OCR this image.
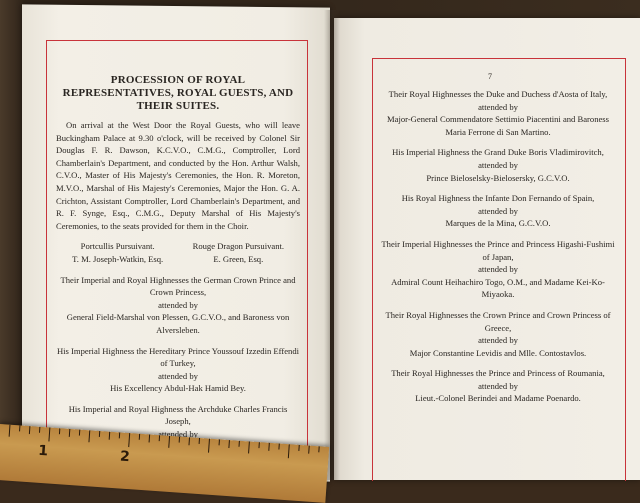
PROCESSION OF ROYAL REPRESENTATIVES, ROYAL GUESTS, AND THEIR SUITES.

On arrival at the West Door the Royal Guests, who will leave Buckingham Palace at 9.30 o'clock, will be received by Colonel Sir Douglas F. R. Dawson, K.C.V.O., C.M.G., Comptroller, Lord Chamberlain's Department, and conducted by the Hon. Arthur Walsh, C.V.O., Master of His Majesty's Ceremonies, the Hon. R. Moreton, M.V.O., Marshal of His Majesty's Ceremonies, Major the Hon. G. A. Crichton, Assistant Comptroller, Lord Chamberlain's Department, and R. F. Synge, Esq., C.M.G., Deputy Marshal of His Majesty's Ceremonies, to the seats provided for them in the Choir.

Portcullis Pursuivant.
T. M. Joseph-Watkin, Esq.
Rouge Dragon Pursuivant.
E. Green, Esq.

Their Imperial and Royal Highnesses the German Crown Prince and Crown Princess,

attended by

General Field-Marshal von Plessen, G.C.V.O., and Baroness von Alversleben.

His Imperial Highness the Hereditary Prince Youssouf Izzedin Effendi of Turkey,

attended by

His Excellency Abdul-Hak Hamid Bey.

His Imperial and Royal Highness the Archduke Charles Francis Joseph,

attended by

7

Their Royal Highnesses the Duke and Duchess d'Aosta of Italy,

attended by

Major-General Commendatore Settimio Piacentini and Baroness Maria Ferrone di San Martino.

His Imperial Highness the Grand Duke Boris Vladimirovitch,

attended by

Prince Bieloselsky-Bielosersky, G.C.V.O.

His Royal Highness the Infante Don Fernando of Spain,

attended by

Marques de la Mina, G.C.V.O.

Their Imperial Highnesses the Prince and Princess Higashi-Fushimi of Japan,

attended by

Admiral Count Heihachiro Togo, O.M., and Madame Kei-Ko-Miyaoka.

Their Royal Highnesses the Crown Prince and Crown Princess of Greece,

attended by

Major Constantine Levidis and Mlle. Contostavlos.

Their Royal Highnesses the Prince and Princess of Roumania,

attended by

Lieut.-Colonel Berindei and Madame Poenardo.

1	2
